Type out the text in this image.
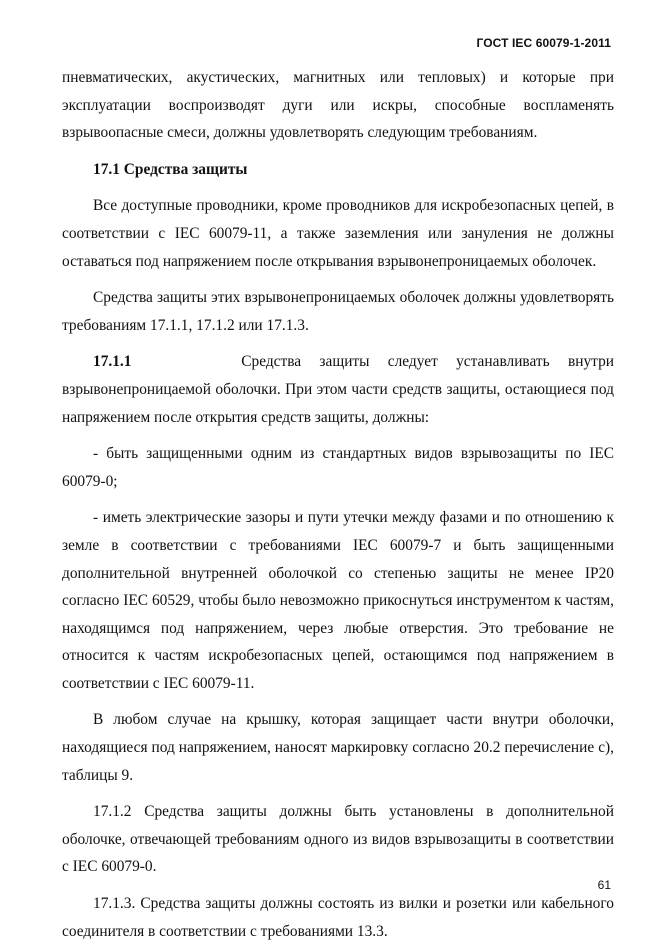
ГОСТ IEC 60079-1-2011

пневматических, акустических, магнитных или тепловых) и которые при эксплуатации воспроизводят дуги или искры, способные воспламенять взрывоопасные смеси, должны удовлетворять следующим требованиям.

17.1 Средства защиты

Все доступные проводники, кроме проводников для искробезопасных цепей, в соответствии с IEC 60079-11, а также заземления или зануления не должны оставаться под напряжением после открывания взрывонепроницаемых оболочек.

Средства защиты этих взрывонепроницаемых оболочек должны удовлетворять требованиям 17.1.1, 17.1.2 или 17.1.3.

17.1.1	Средства защиты следует устанавливать внутри взрывонепроницаемой оболочки. При этом части средств защиты, остающиеся под напряжением после открытия средств защиты, должны:

- быть защищенными одним из стандартных видов взрывозащиты по IEC 60079-0;

- иметь электрические зазоры и пути утечки между фазами и по отношению к земле в соответствии с требованиями IEC 60079-7 и быть защищенными дополнительной внутренней оболочкой со степенью защиты не менее IP20 согласно IEC 60529, чтобы было невозможно прикоснуться инструментом к частям, находящимся под напряжением, через любые отверстия. Это требование не относится к частям искробезопасных цепей, остающимся под напряжением в соответствии с IEC 60079-11.

В любом случае на крышку, которая защищает части внутри оболочки, находящиеся под напряжением, наносят маркировку согласно 20.2 перечисление с), таблицы 9.

17.1.2 Средства защиты должны быть установлены в дополнительной оболочке, отвечающей требованиям одного из видов взрывозащиты в соответствии с IEC 60079-0.

17.1.3. Средства защиты должны состоять из вилки и розетки или кабельного соединителя в соответствии с требованиями 13.3.

61
